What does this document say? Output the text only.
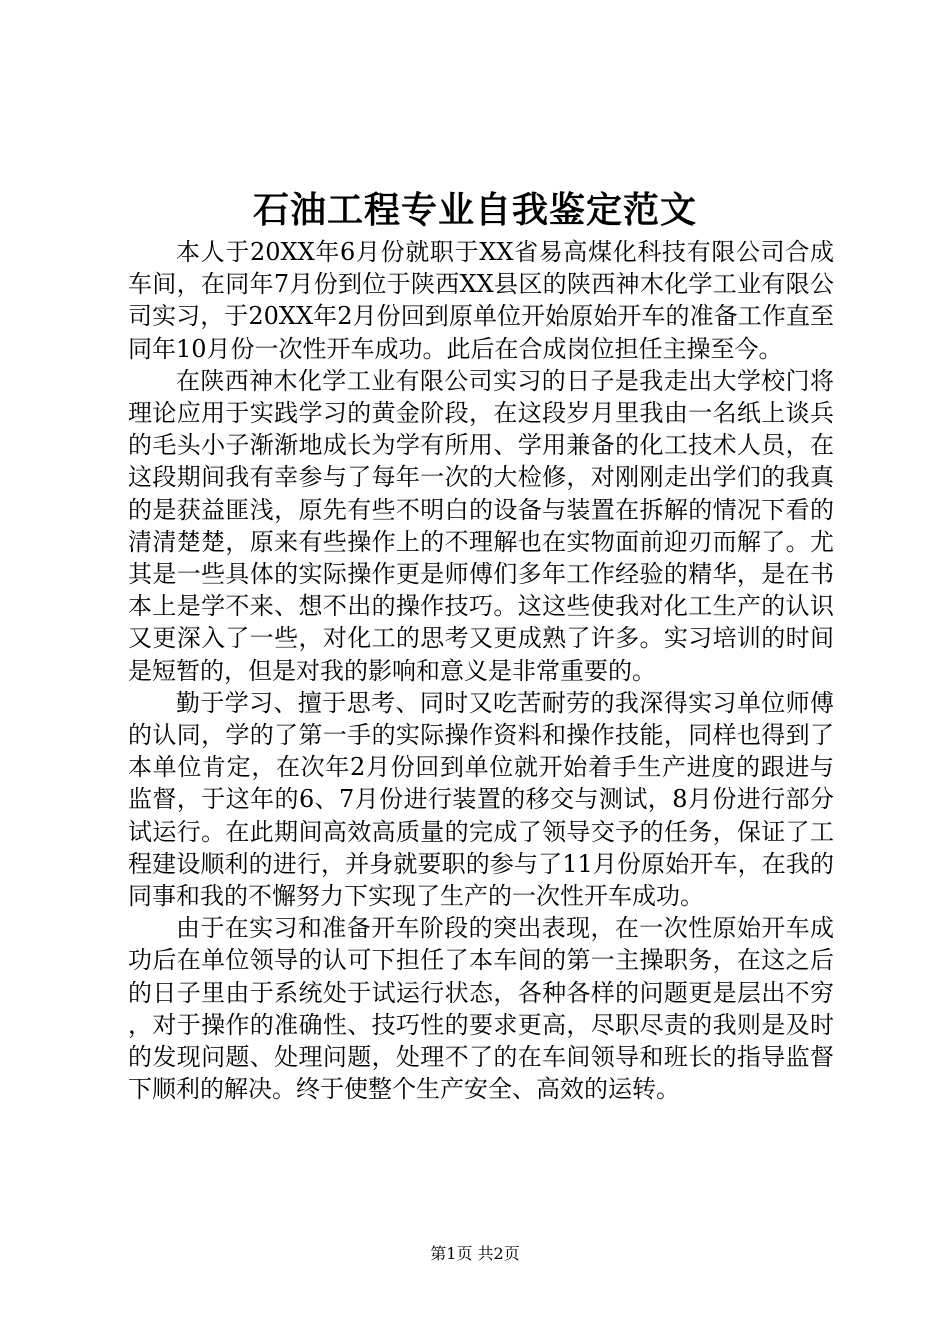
石油工程专业自我鉴定范文

本人于20XX年6月份就职于XX省易高煤化科技有限公司合成车间，在同年7月份到位于陕西XX县区的陕西神木化学工业有限公司实习，于20XX年2月份回到原单位开始原始开车的准备工作直至同年10月份一次性开车成功。此后在合成岗位担任主操至今。

在陕西神木化学工业有限公司实习的日子是我走出大学校门将理论应用于实践学习的黄金阶段，在这段岁月里我由一名纸上谈兵的毛头小子渐渐地成长为学有所用、学用兼备的化工技术人员，在这段期间我有幸参与了每年一次的大检修，对刚刚走出学们的我真的是获益匪浅，原先有些不明白的设备与装置在拆解的情况下看的清清楚楚，原来有些操作上的不理解也在实物面前迎刃而解了。尤其是一些具体的实际操作更是师傅们多年工作经验的精华，是在书本上是学不来、想不出的操作技巧。这这些使我对化工生产的认识又更深入了一些，对化工的思考又更成熟了许多。实习培训的时间是短暂的，但是对我的影响和意义是非常重要的。

勤于学习、擅于思考、同时又吃苦耐劳的我深得实习单位师傅的认同，学的了第一手的实际操作资料和操作技能，同样也得到了本单位肯定，在次年2月份回到单位就开始着手生产进度的跟进与监督，于这年的6、7月份进行装置的移交与测试，8月份进行部分试运行。在此期间高效高质量的完成了领导交予的任务，保证了工程建设顺利的进行，并身就要职的参与了11月份原始开车，在我的同事和我的不懈努力下实现了生产的一次性开车成功。

由于在实习和准备开车阶段的突出表现，在一次性原始开车成功后在单位领导的认可下担任了本车间的第一主操职务，在这之后的日子里由于系统处于试运行状态，各种各样的问题更是层出不穷，对于操作的准确性、技巧性的要求更高，尽职尽责的我则是及时的发现问题、处理问题，处理不了的在车间领导和班长的指导监督下顺利的解决。终于使整个生产安全、高效的运转。

第1页 共2页
